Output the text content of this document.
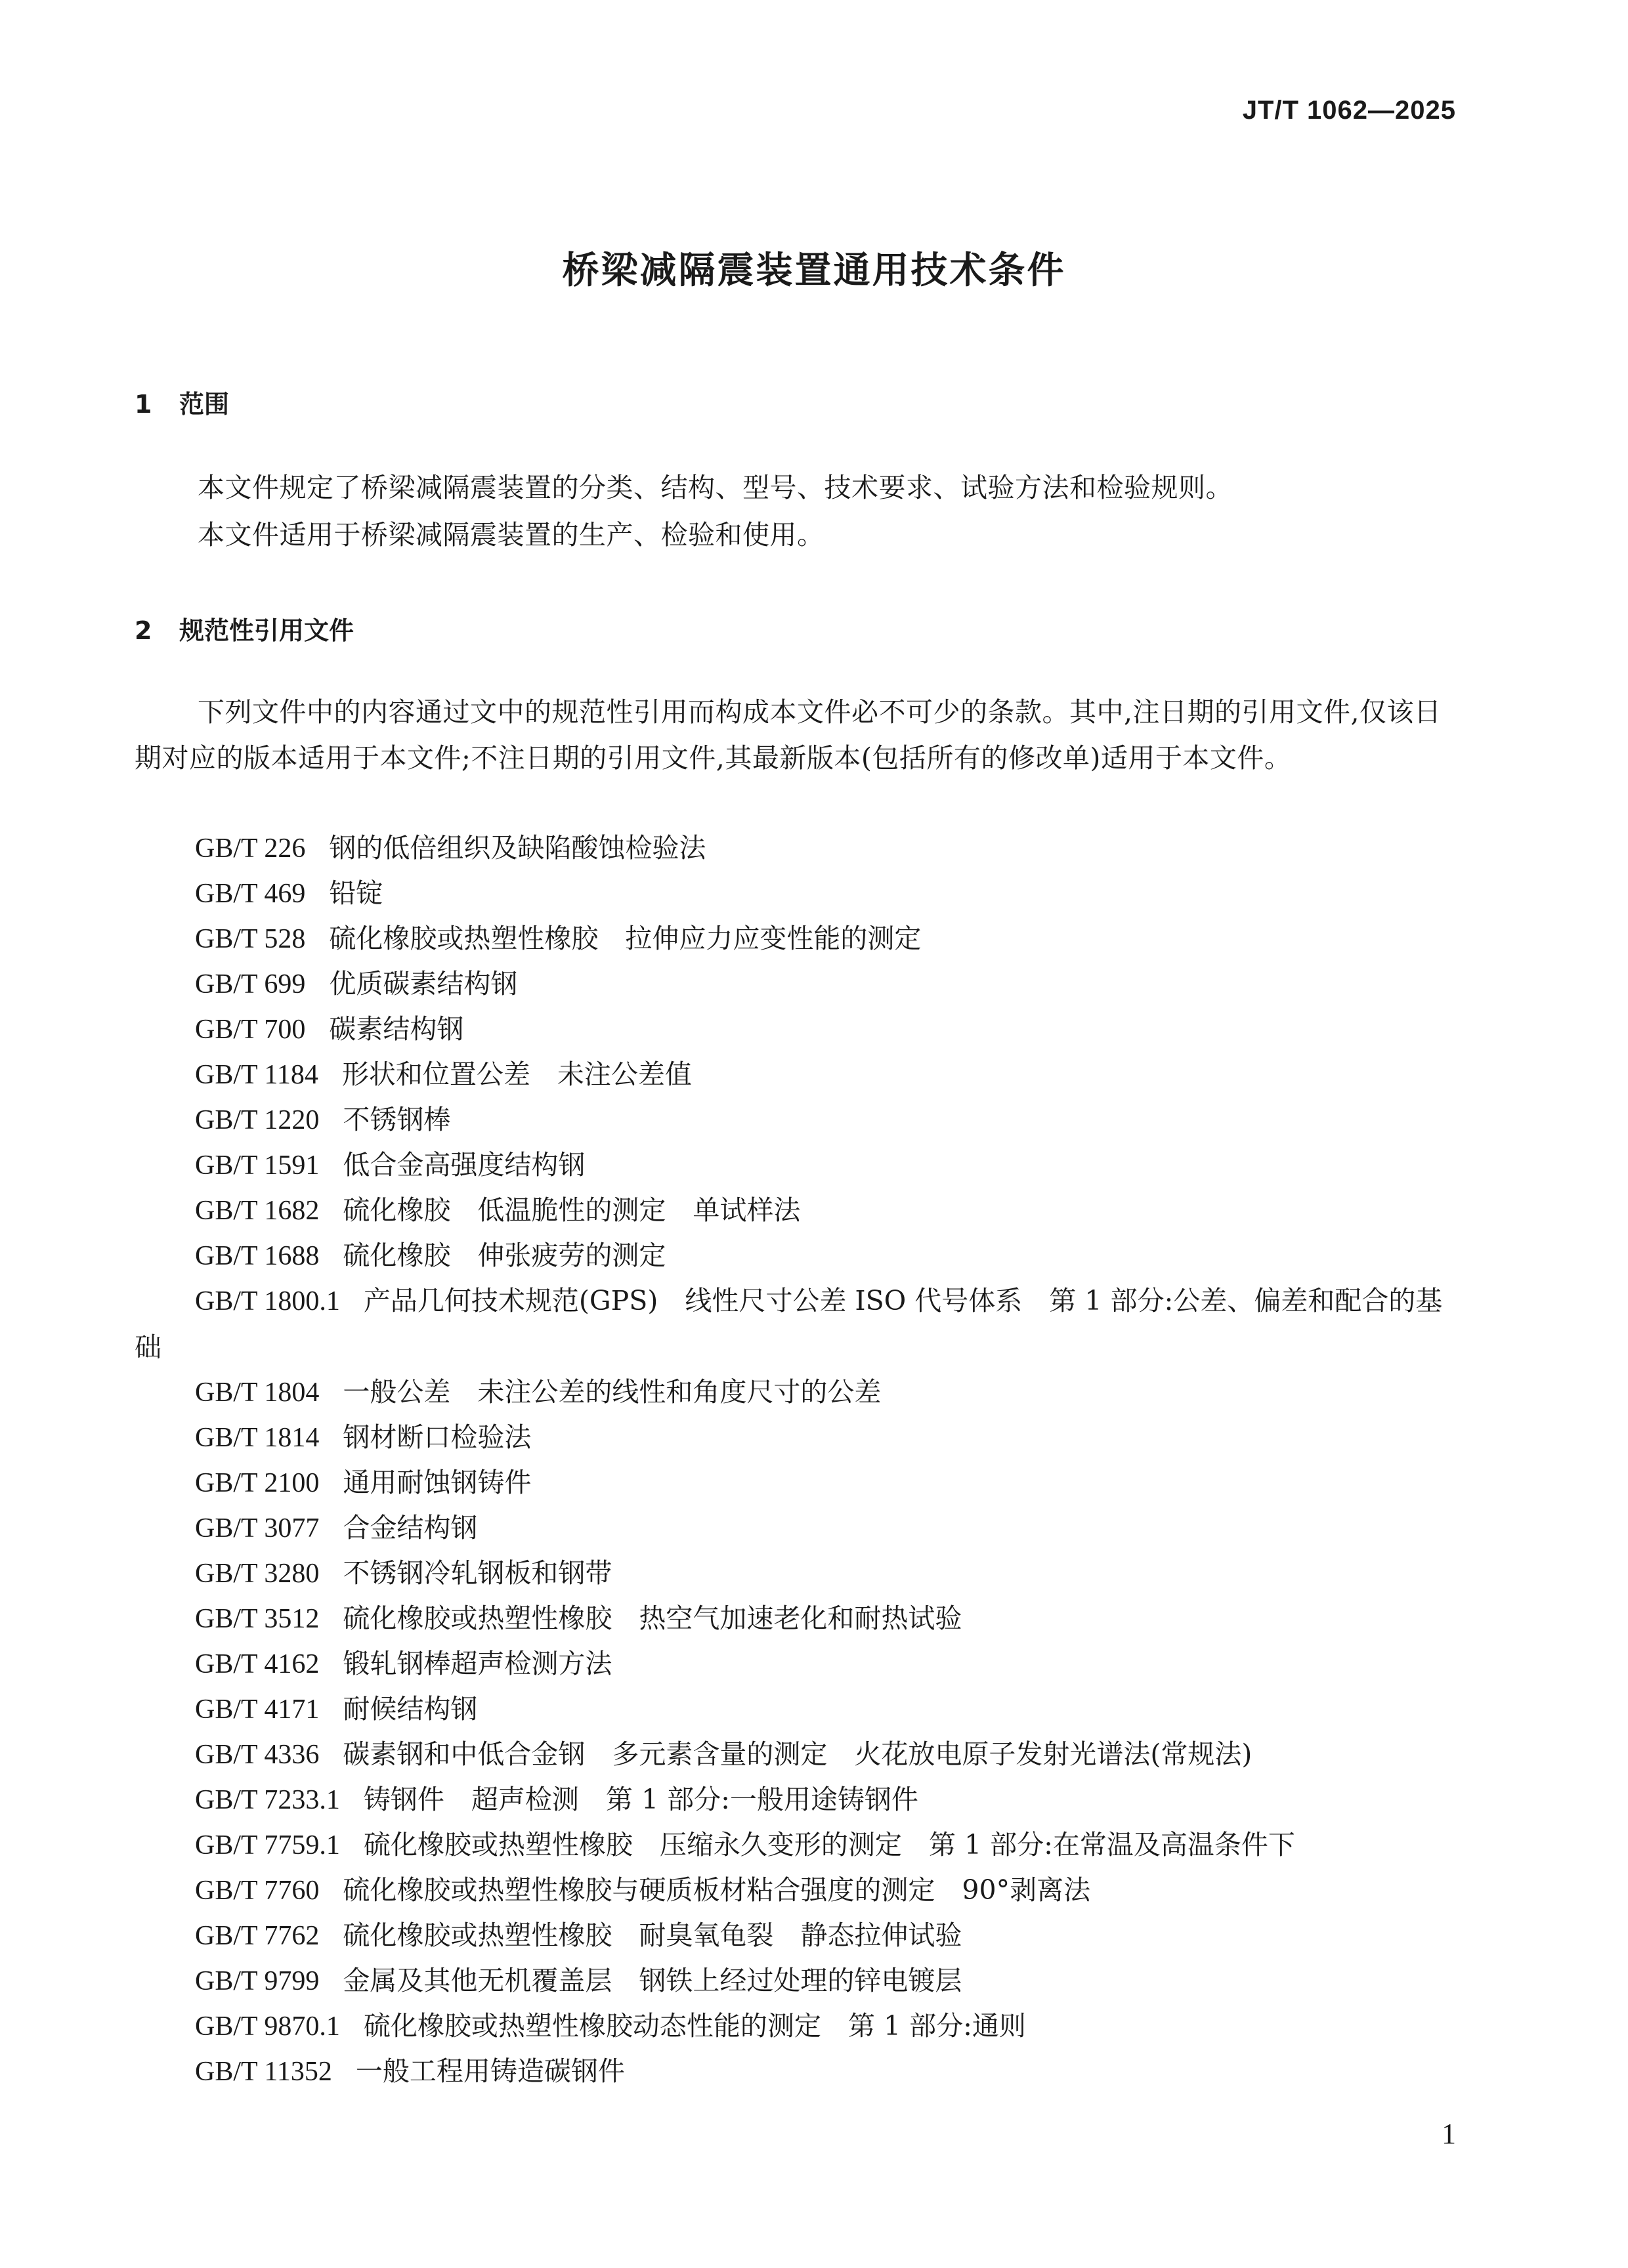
JT/T 1062—2025
桥梁减隔震装置通用技术条件
1 范围
本文件规定了桥梁减隔震装置的分类、结构、型号、技术要求、试验方法和检验规则。
本文件适用于桥梁减隔震装置的生产、检验和使用。
2 规范性引用文件
下列文件中的内容通过文中的规范性引用而构成本文件必不可少的条款。其中,注日期的引用文件,仅该日期对应的版本适用于本文件;不注日期的引用文件,其最新版本(包括所有的修改单)适用于本文件。
GB/T 226 钢的低倍组织及缺陷酸蚀检验法
GB/T 469 铅锭
GB/T 528 硫化橡胶或热塑性橡胶　拉伸应力应变性能的测定
GB/T 699 优质碳素结构钢
GB/T 700 碳素结构钢
GB/T 1184 形状和位置公差　未注公差值
GB/T 1220 不锈钢棒
GB/T 1591 低合金高强度结构钢
GB/T 1682 硫化橡胶　低温脆性的测定　单试样法
GB/T 1688 硫化橡胶　伸张疲劳的测定
GB/T 1800.1 产品几何技术规范(GPS)　线性尺寸公差 ISO 代号体系　第 1 部分:公差、偏差和配合的基础
GB/T 1804 一般公差　未注公差的线性和角度尺寸的公差
GB/T 1814 钢材断口检验法
GB/T 2100 通用耐蚀钢铸件
GB/T 3077 合金结构钢
GB/T 3280 不锈钢冷轧钢板和钢带
GB/T 3512 硫化橡胶或热塑性橡胶　热空气加速老化和耐热试验
GB/T 4162 锻轧钢棒超声检测方法
GB/T 4171 耐候结构钢
GB/T 4336 碳素钢和中低合金钢　多元素含量的测定　火花放电原子发射光谱法(常规法)
GB/T 7233.1 铸钢件　超声检测　第 1 部分:一般用途铸钢件
GB/T 7759.1 硫化橡胶或热塑性橡胶　压缩永久变形的测定　第 1 部分:在常温及高温条件下
GB/T 7760 硫化橡胶或热塑性橡胶与硬质板材粘合强度的测定　90°剥离法
GB/T 7762 硫化橡胶或热塑性橡胶　耐臭氧龟裂　静态拉伸试验
GB/T 9799 金属及其他无机覆盖层　钢铁上经过处理的锌电镀层
GB/T 9870.1 硫化橡胶或热塑性橡胶动态性能的测定　第 1 部分:通则
GB/T 11352 一般工程用铸造碳钢件
1
